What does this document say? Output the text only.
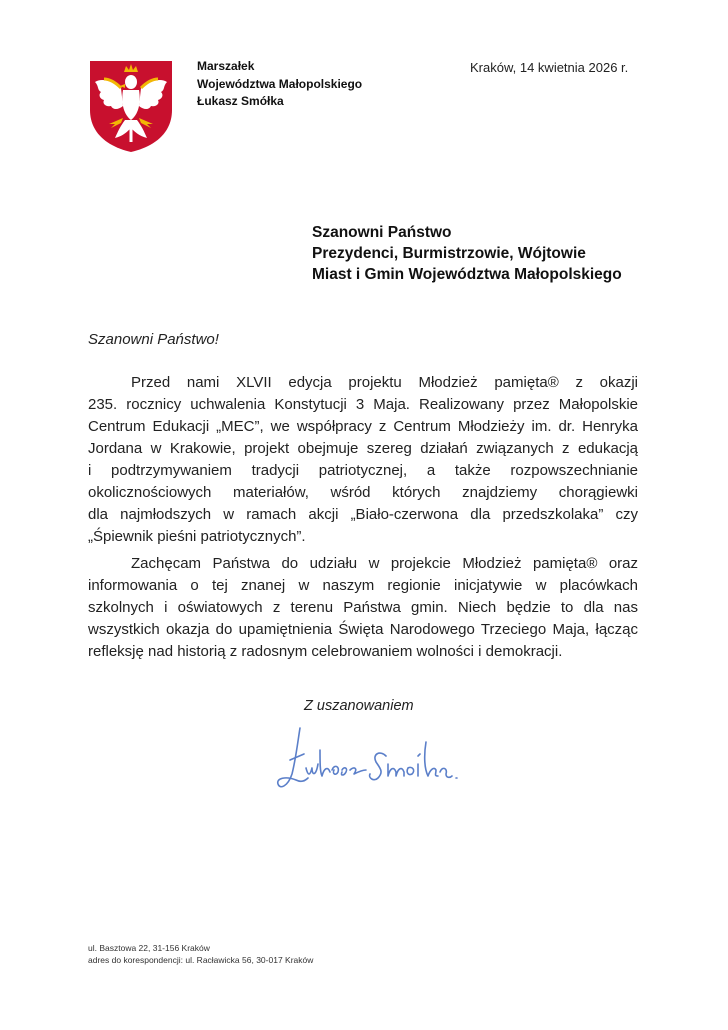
Marszałek
Województwa Małopolskiego
Łukasz Smółka
Kraków, 14 kwietnia 2026 r.
Szanowni Państwo
Prezydenci, Burmistrzowie, Wójtowie
Miast i Gmin Województwa Małopolskiego
Szanowni Państwo!
Przed nami XLVII edycja projektu Młodzież pamięta® z okazji
235. rocznicy uchwalenia Konstytucji 3 Maja. Realizowany przez Małopolskie
Centrum Edukacji „MEC”, we współpracy z Centrum Młodzieży im. dr. Henryka
Jordana w Krakowie, projekt obejmuje szereg działań związanych z edukacją
i podtrzymywaniem tradycji patriotycznej, a także rozpowszechnianie
okolicznościowych materiałów, wśród których znajdziemy chorągiewki
dla najmłodszych w ramach akcji „Biało-czerwona dla przedszkolaka” czy
„Śpiewnik pieśni patriotycznych”.
Zachęcam Państwa do udziału w projekcie Młodzież pamięta® oraz
informowania o tej znanej w naszym regionie inicjatywie w placówkach
szkolnych i oświatowych z terenu Państwa gmin. Niech będzie to dla nas
wszystkich okazja do upamiętnienia Święta Narodowego Trzeciego Maja, łącząc
refleksję nad historią z radosnym celebrowaniem wolności i demokracji.
Z uszanowaniem
ul. Basztowa 22, 31-156 Kraków
adres do korespondencji: ul. Racławicka 56, 30-017 Kraków
